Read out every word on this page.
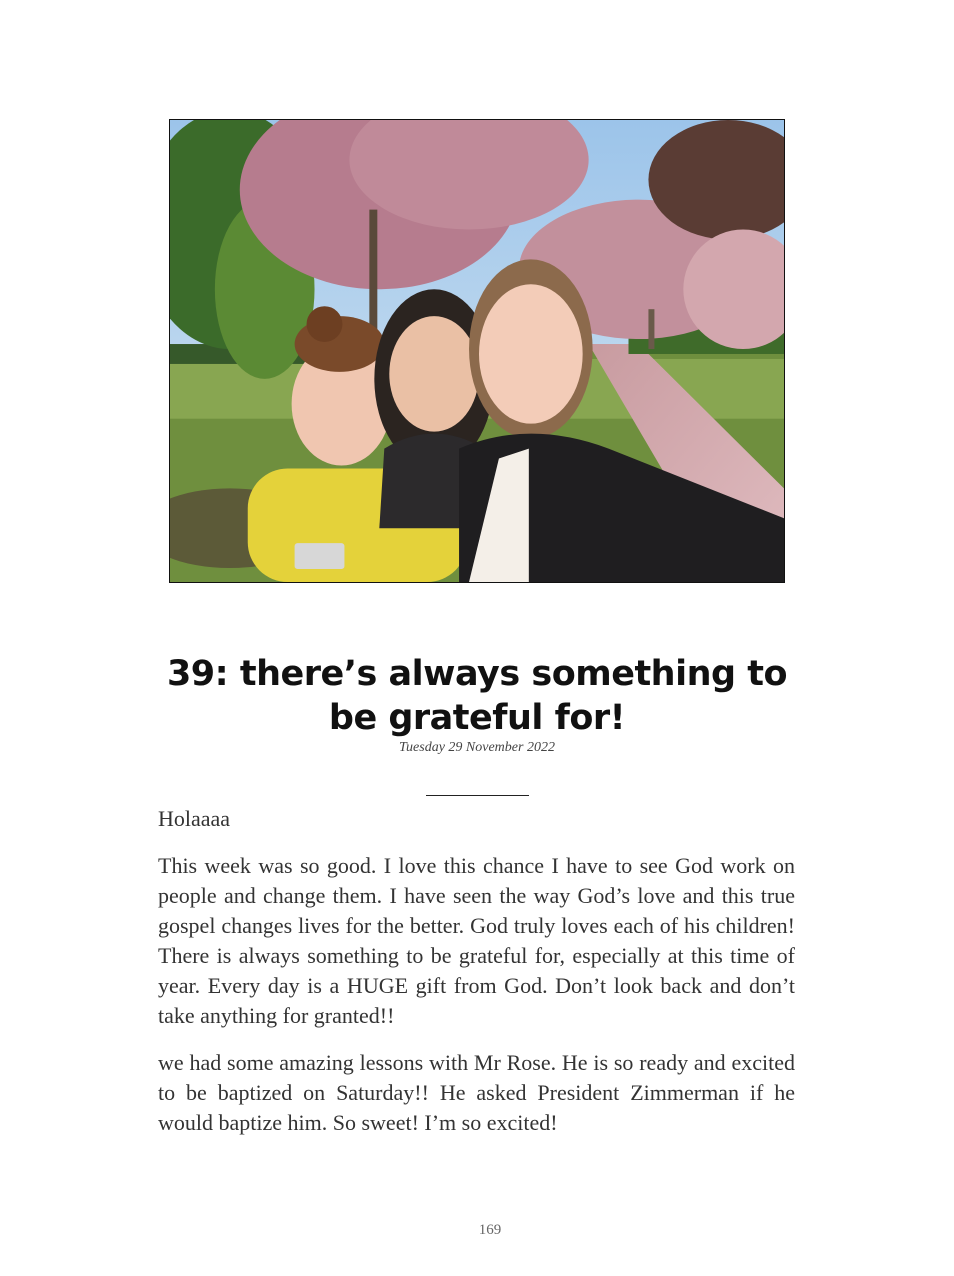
39: there’s always something to be grateful for!
Tuesday 29 November 2022

Holaaaa

This week was so good. I love this chance I have to see God work on people and change them. I have seen the way God’s love and this true gospel changes lives for the better. God truly loves each of his children! There is always something to be grateful for, especially at this time of year. Every day is a HUGE gift from God. Don’t look back and don’t take anything for granted!!

we had some amazing lessons with Mr Rose. He is so ready and excited to be baptized on Saturday!! He asked President Zimmerman if he would baptize him. So sweet! I’m so excited!

169
